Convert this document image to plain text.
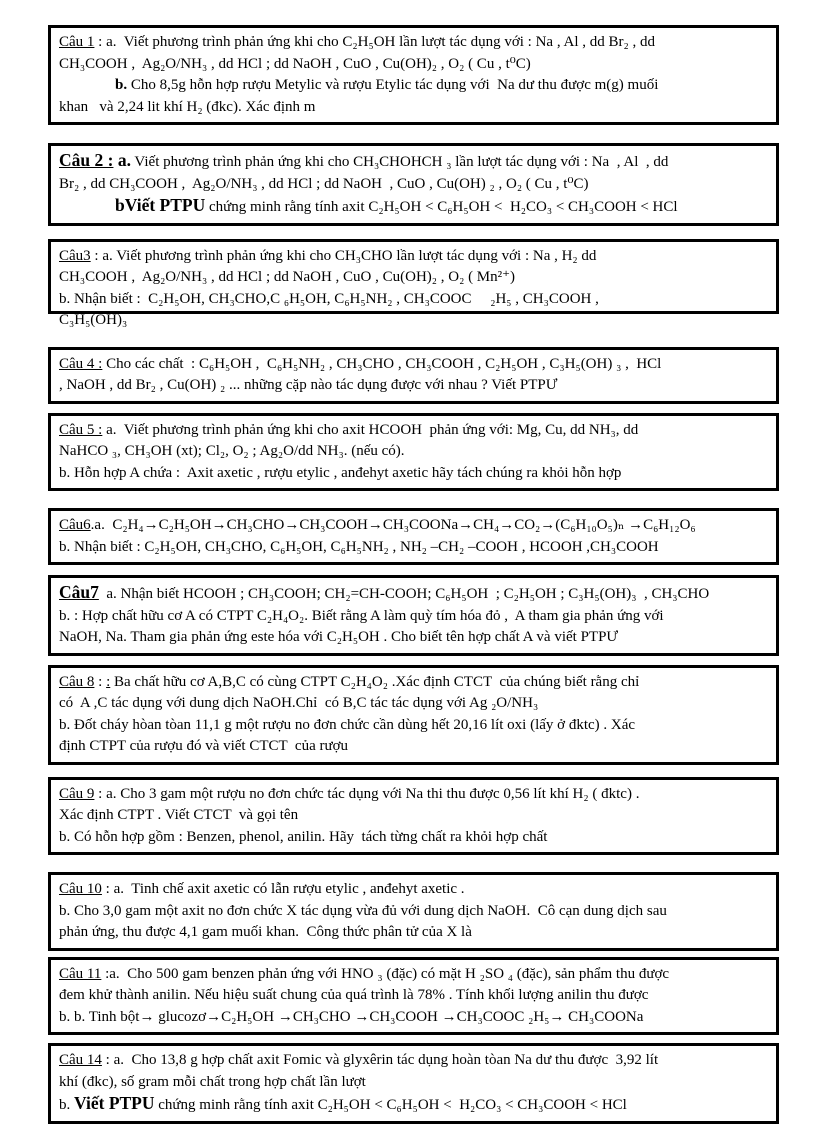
Câu 1 : a.  Viết phương trình phản ứng khi cho C₂H₅OH lần lượt tác dụng với : Na , Al , dd Br₂ , dd
CH₃COOH ,  Ag₂O/NH₃ , dd HCl ; dd NaOH , CuO , Cu(OH)₂ , O₂ ( Cu , t⁰C)
b. Cho 8,5g hỗn hợp rượu Metylic và rượu Etylic tác dụng với  Na dư thu được m(g) muối
khan   và 2,24 lit khí H₂ (đkc). Xác định m
Câu 2 : a. Viết phương trình phản ứng khi cho CH₃CHOHCH ₃ lần lượt tác dụng với : Na  , Al  , dd
Br₂ , dd CH₃COOH ,  Ag₂O/NH₃ , dd HCl ; dd NaOH  , CuO , Cu(OH) ₂ , O₂ ( Cu , t⁰C)
bViết PTPU chứng minh rằng tính axit C₂H₅OH < C₆H₅OH <  H₂CO₃ < CH₃COOH < HCl
Câu3 : a. Viết phương trình phản ứng khi cho CH₃CHO lần lượt tác dụng với : Na , H₂ dd
CH₃COOH ,  Ag₂O/NH₃ , dd HCl ; dd NaOH , CuO , Cu(OH)₂ , O₂ ( Mn²⁺)
b. Nhận biết :  C₂H₅OH, CH₃CHO,C ₆H₅OH, C₆H₅NH₂ , CH₃COOC     ₂H₅ , CH₃COOH ,
C₃H₅(OH)₃
Câu 4 : Cho các chất  : C₆H₅OH ,  C₆H₅NH₂ , CH₃CHO , CH₃COOH , C₂H₅OH , C₃H₅(OH) ₃ ,  HCl
, NaOH , dd Br₂ , Cu(OH) ₂ ... những cặp nào tác dụng được với nhau ? Viết PTPƯ
Câu 5 : a.  Viết phương trình phản ứng khi cho axit HCOOH  phản ứng với: Mg, Cu, dd NH₃, dd
NaHCO ₃, CH₃OH (xt); Cl₂, O₂ ; Ag₂O/dd NH₃. (nếu có).
b. Hỗn hợp A chứa :  Axit axetic , rượu etylic , anđehyt axetic hãy tách chúng ra khỏi hỗn hợp
Câu6.a.  C₂H₄→C₂H₅OH→CH₃CHO→CH₃COOH→CH₃COONa→CH₄→CO₂→(C₆H₁₀O₅)ₙ →C₆H₁₂O₆
b. Nhận biết : C₂H₅OH, CH₃CHO, C₆H₅OH, C₆H₅NH₂ , NH₂ –CH₂ –COOH , HCOOH ,CH₃COOH
Câu7  a. Nhận biết HCOOH ; CH₃COOH; CH₂=CH-COOH; C₆H₅OH  ; C₂H₅OH ; C₃H₅(OH)₃  , CH₃CHO
b. : Hợp chất hữu cơ A có CTPT C₂H₄O₂. Biết rằng A làm quỳ tím hóa đỏ ,  A tham gia phản ứng với
NaOH, Na. Tham gia phản ứng este hóa với C₂H₅OH . Cho biết tên hợp chất A và viết PTPƯ
Câu 8 : : Ba chất hữu cơ A,B,C có cùng CTPT C₂H₄O₂ .Xác định CTCT  của chúng biết rằng chỉ
có  A ,C tác dụng với dung dịch NaOH.Chỉ  có B,C tác tác dụng với Ag ₂O/NH₃
b. Đốt cháy hòan tòan 11,1 g một rượu no đơn chức cần dùng hết 20,16 lít oxi (lấy ở đktc) . Xác
định CTPT của rượu đó và viết CTCT  của rượu
Câu 9 : a. Cho 3 gam một rượu no đơn chức tác dụng với Na thi thu được 0,56 lít khí H₂ ( đktc) .
Xác định CTPT . Viết CTCT  và gọi tên
b. Có hỗn hợp gồm : Benzen, phenol, anilin. Hãy  tách từng chất ra khỏi hợp chất
Câu 10 : a.  Tinh chế axit axetic có lẫn rượu etylic , anđehyt axetic .
b. Cho 3,0 gam một axit no đơn chức X tác dụng vừa đủ với dung dịch NaOH.  Cô cạn dung dịch sau
phản ứng, thu được 4,1 gam muối khan.  Công thức phân tử của X là
Câu 11 :a.  Cho 500 gam benzen phản ứng với HNO ₃ (đặc) có mặt H ₂SO ₄ (đặc), sản phẩm thu được
đem khử thành anilin. Nếu hiệu suất chung của quá trình là 78% . Tính khối lượng anilin thu được
b. b. Tinh bột→ glucozơ→C₂H₅OH →CH₃CHO →CH₃COOH →CH₃COOC ₂H₅→ CH₃COONa
Câu 14 : a.  Cho 13,8 g hợp chất axit Fomic và glyxêrin tác dụng hoàn tòan Na dư thu được  3,92 lít
khí (đkc), số gram mỗi chất trong hợp chất lần lượt
b. Viết PTPU chứng minh rằng tính axit C₂H₅OH < C₆H₅OH <  H₂CO₃ < CH₃COOH < HCl
